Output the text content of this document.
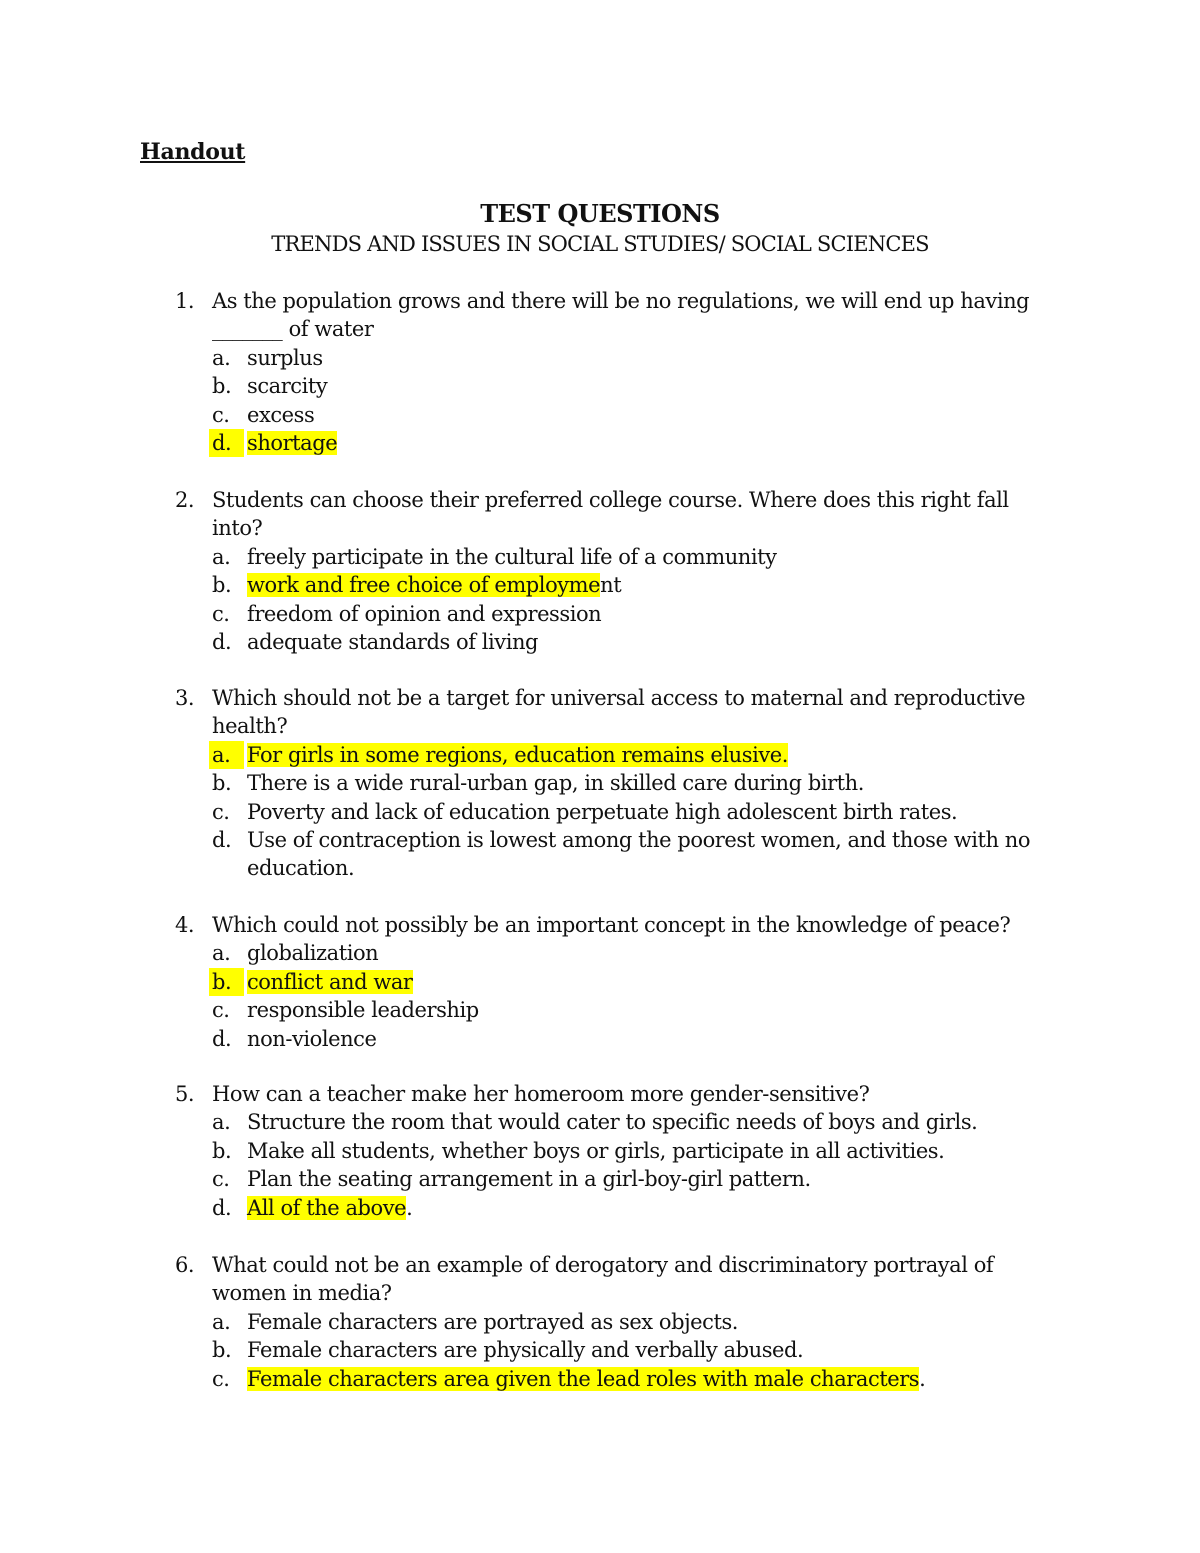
Handout
TEST QUESTIONS
TRENDS AND ISSUES IN SOCIAL STUDIES/ SOCIAL SCIENCES
1. As the population grows and there will be no regulations, we will end up having
_______ of water
a. surplus
b. scarcity
c. excess
d. shortage
2. Students can choose their preferred college course. Where does this right fall
into?
a. freely participate in the cultural life of a community
b. work and free choice of employment
c. freedom of opinion and expression
d. adequate standards of living
3. Which should not be a target for universal access to maternal and reproductive
health?
a. For girls in some regions, education remains elusive.
b. There is a wide rural-urban gap, in skilled care during birth.
c. Poverty and lack of education perpetuate high adolescent birth rates.
d. Use of contraception is lowest among the poorest women, and those with no
education.
4. Which could not possibly be an important concept in the knowledge of peace?
a. globalization
b. conflict and war
c. responsible leadership
d. non-violence
5. How can a teacher make her homeroom more gender-sensitive?
a. Structure the room that would cater to specific needs of boys and girls.
b. Make all students, whether boys or girls, participate in all activities.
c. Plan the seating arrangement in a girl-boy-girl pattern.
d. All of the above.
6. What could not be an example of derogatory and discriminatory portrayal of
women in media?
a. Female characters are portrayed as sex objects.
b. Female characters are physically and verbally abused.
c. Female characters area given the lead roles with male characters.
